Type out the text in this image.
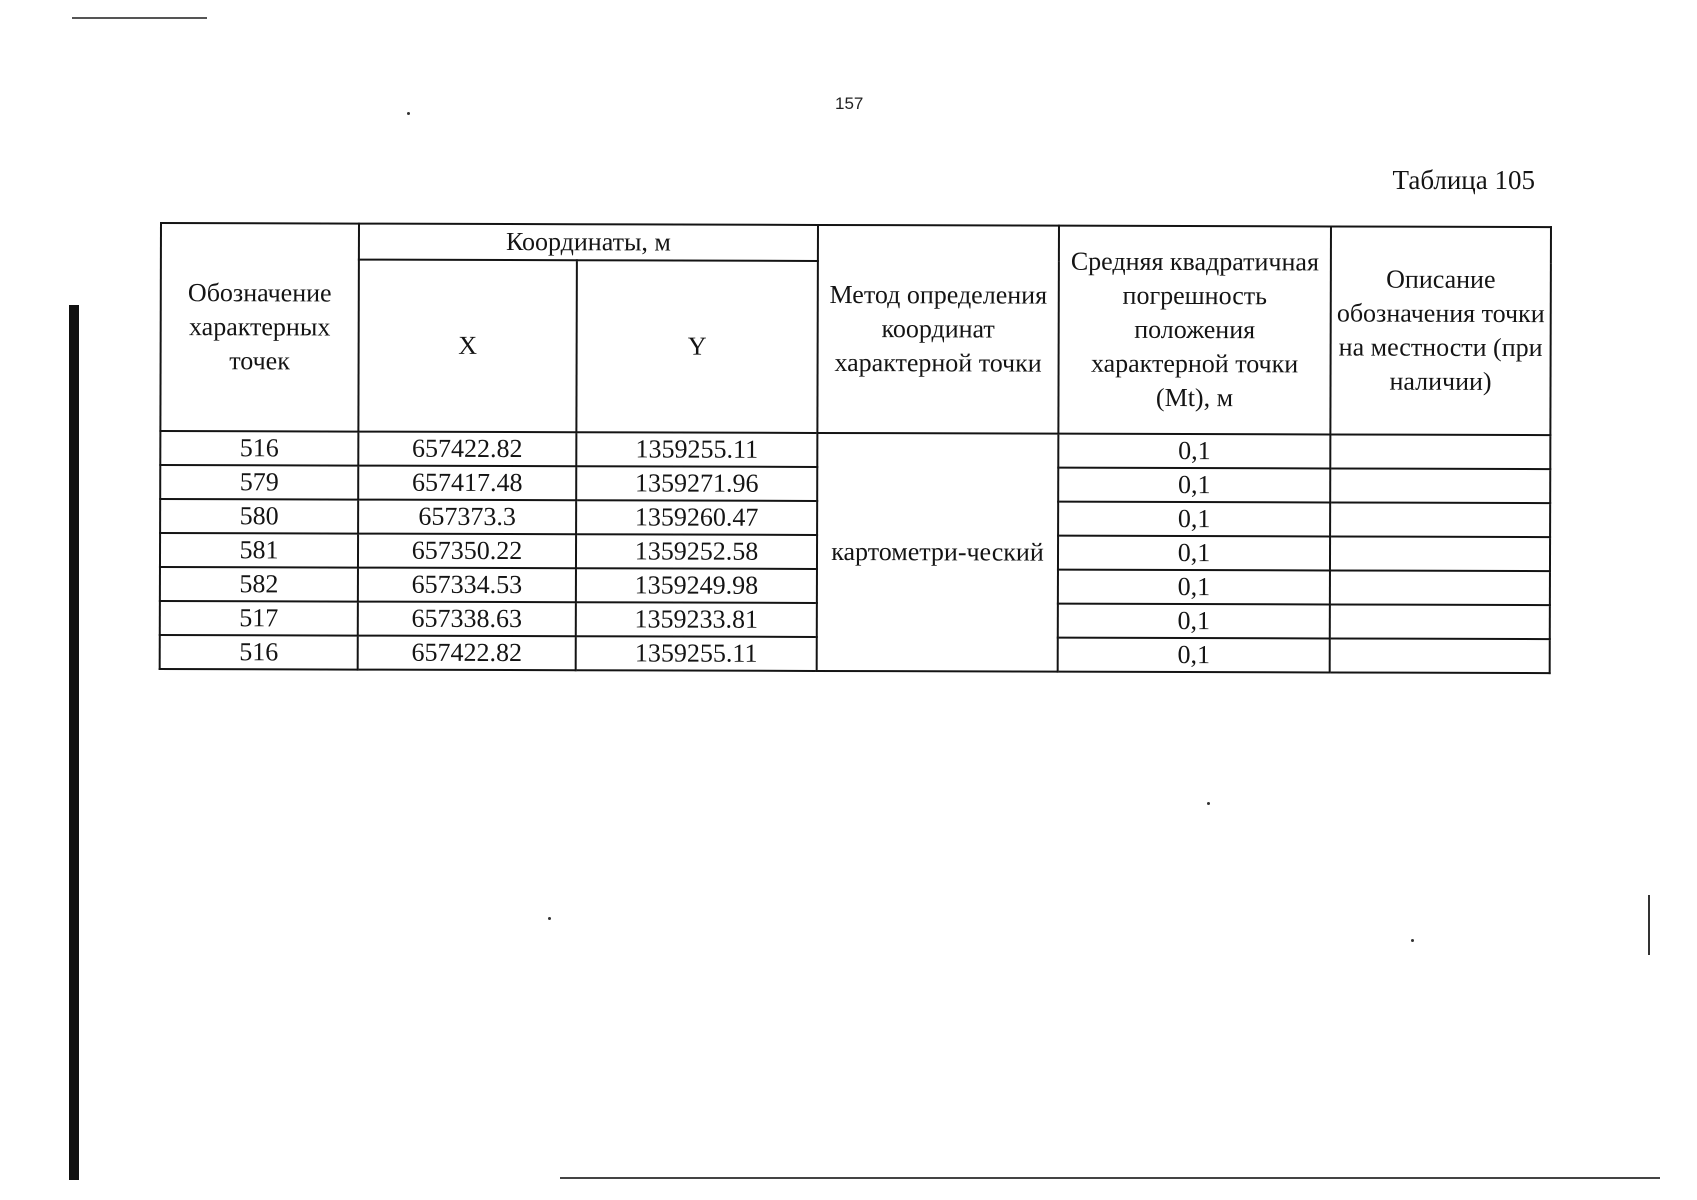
157
Таблица 105
Обозначение характерных точек	Координаты, м		Метод определения координат характерной точки	Средняя квадратичная погрешность положения характерной точки (Mt), м	Описание обозначения точки на местности (при наличии)
	X	Y			
516	657422.82	1359255.11	картометри-ческий	0,1	
579	657417.48	1359271.96		0,1	
580	657373.3	1359260.47		0,1	
581	657350.22	1359252.58		0,1	
582	657334.53	1359249.98		0,1	
517	657338.63	1359233.81		0,1	
516	657422.82	1359255.11		0,1	
